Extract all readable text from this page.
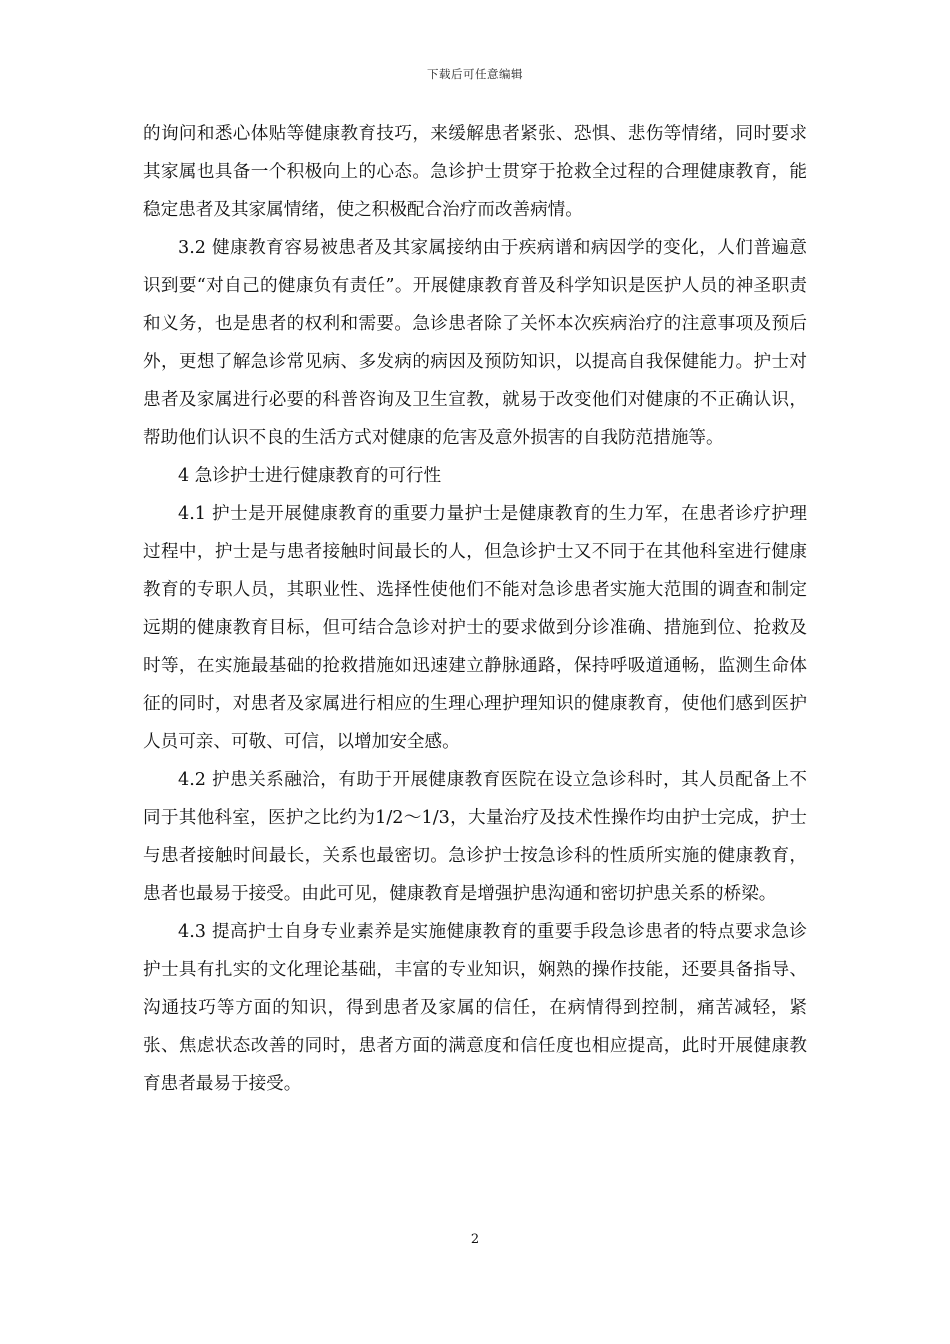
下载后可任意编辑

的询问和悉心体贴等健康教育技巧，来缓解患者紧张、恐惧、悲伤等情绪，同时要求其家属也具备一个积极向上的心态。急诊护士贯穿于抢救全过程的合理健康教育，能稳定患者及其家属情绪，使之积极配合治疗而改善病情。

3.2 健康教育容易被患者及其家属接纳由于疾病谱和病因学的变化，人们普遍意识到要“对自己的健康负有责任”。开展健康教育普及科学知识是医护人员的神圣职责和义务，也是患者的权利和需要。急诊患者除了关怀本次疾病治疗的注意事项及预后外，更想了解急诊常见病、多发病的病因及预防知识，以提高自我保健能力。护士对患者及家属进行必要的科普咨询及卫生宣教，就易于改变他们对健康的不正确认识，帮助他们认识不良的生活方式对健康的危害及意外损害的自我防范措施等。

4 急诊护士进行健康教育的可行性

4.1 护士是开展健康教育的重要力量护士是健康教育的生力军，在患者诊疗护理过程中，护士是与患者接触时间最长的人，但急诊护士又不同于在其他科室进行健康教育的专职人员，其职业性、选择性使他们不能对急诊患者实施大范围的调查和制定远期的健康教育目标，但可结合急诊对护士的要求做到分诊准确、措施到位、抢救及时等，在实施最基础的抢救措施如迅速建立静脉通路，保持呼吸道通畅，监测生命体征的同时，对患者及家属进行相应的生理心理护理知识的健康教育，使他们感到医护人员可亲、可敬、可信，以增加安全感。

4.2 护患关系融洽，有助于开展健康教育医院在设立急诊科时，其人员配备上不同于其他科室，医护之比约为1/2～1/3，大量治疗及技术性操作均由护士完成，护士与患者接触时间最长，关系也最密切。急诊护士按急诊科的性质所实施的健康教育，患者也最易于接受。由此可见，健康教育是增强护患沟通和密切护患关系的桥梁。

4.3 提高护士自身专业素养是实施健康教育的重要手段急诊患者的特点要求急诊护士具有扎实的文化理论基础，丰富的专业知识，娴熟的操作技能，还要具备指导、沟通技巧等方面的知识，得到患者及家属的信任，在病情得到控制，痛苦减轻，紧张、焦虑状态改善的同时，患者方面的满意度和信任度也相应提高，此时开展健康教育患者最易于接受。

2
